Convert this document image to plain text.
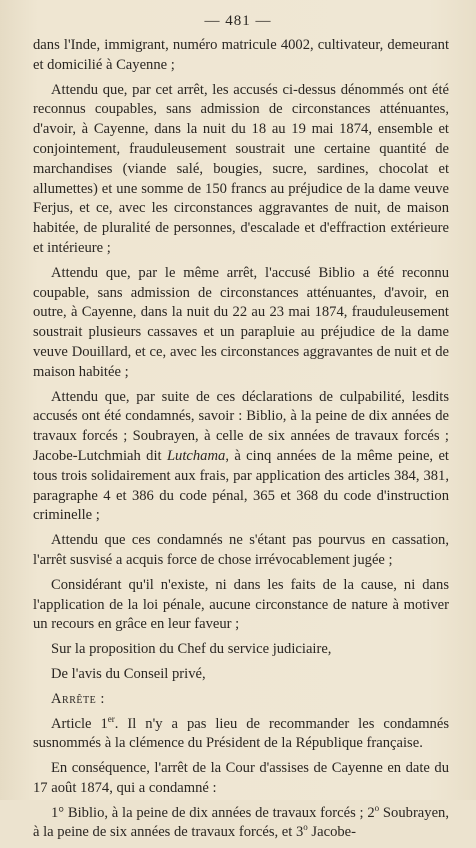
— 481 —

dans l'Inde, immigrant, numéro matricule 4002, cultivateur, demeurant et domicilié à Cayenne ;

Attendu que, par cet arrêt, les accusés ci-dessus dénommés ont été reconnus coupables, sans admission de circonstances atténuantes, d'avoir, à Cayenne, dans la nuit du 18 au 19 mai 1874, ensemble et conjointement, frauduleusement soustrait une certaine quantité de marchandises (viande salé, bougies, sucre, sardines, chocolat et allumettes) et une somme de 150 francs au préjudice de la dame veuve Ferjus, et ce, avec les circonstances aggravantes de nuit, de maison habitée, de pluralité de personnes, d'escalade et d'effraction extérieure et intérieure ;

Attendu que, par le même arrêt, l'accusé Biblio a été reconnu coupable, sans admission de circonstances atténuantes, d'avoir, en outre, à Cayenne, dans la nuit du 22 au 23 mai 1874, frauduleusement soustrait plusieurs cassaves et un parapluie au préjudice de la dame veuve Douillard, et ce, avec les circonstances aggravantes de nuit et de maison habitée ;

Attendu que, par suite de ces déclarations de culpabilité, lesdits accusés ont été condamnés, savoir : Biblio, à la peine de dix années de travaux forcés ; Soubrayen, à celle de six années de travaux forcés ; Jacobe-Lutchmiah dit Lutchama, à cinq années de la même peine, et tous trois solidairement aux frais, par application des articles 384, 381, paragraphe 4 et 386 du code pénal, 365 et 368 du code d'instruction criminelle ;

Attendu que ces condamnés ne s'étant pas pourvus en cassation, l'arrêt susvisé a acquis force de chose irrévocablement jugée ;

Considérant qu'il n'existe, ni dans les faits de la cause, ni dans l'application de la loi pénale, aucune circonstance de nature à motiver un recours en grâce en leur faveur ;

Sur la proposition du Chef du service judiciaire,

De l'avis du Conseil privé,

Arrête :

Article 1er. Il n'y a pas lieu de recommander les condamnés susnommés à la clémence du Président de la République française.

En conséquence, l'arrêt de la Cour d'assises de Cayenne en date du 17 août 1874, qui a condamné :

1° Biblio, à la peine de dix années de travaux forcés ; 2$^o$ Soubrayen, à la peine de six années de travaux forcés, et 3$^o$ Jacobe-
